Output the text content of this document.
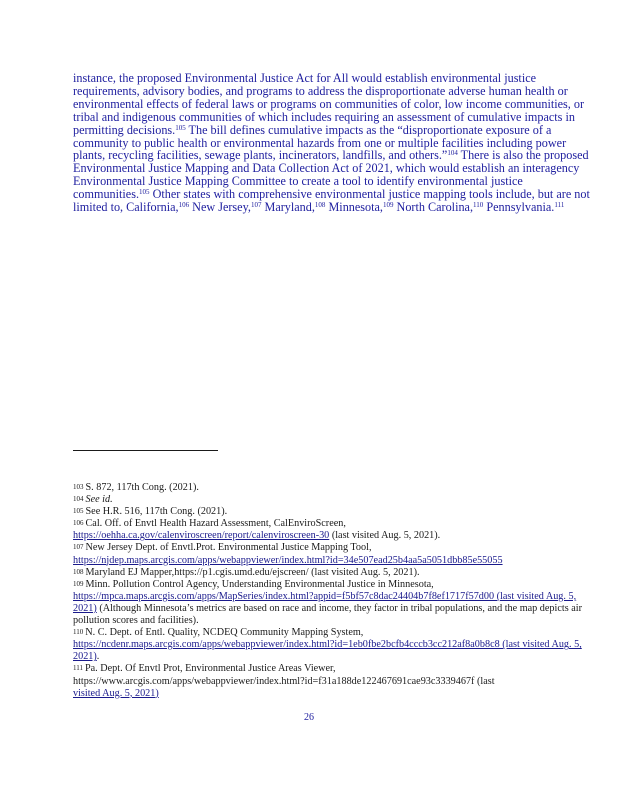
instance, the proposed Environmental Justice Act for All would establish environmental justice requirements, advisory bodies, and programs to address the disproportionate adverse human health or environmental effects of federal laws or programs on communities of color, low income communities, or tribal and indigenous communities of which includes requiring an assessment of cumulative impacts in permitting decisions.$^{105}$ The bill defines cumulative impacts as the “disproportionate exposure of a community to public health or environmental hazards from one or multiple facilities including power plants, recycling facilities, sewage plants, incinerators, landfills, and others.”$^{104}$ There is also the proposed Environmental Justice Mapping and Data Collection Act of 2021, which would establish an interagency Environmental Justice Mapping Committee to create a tool to identify environmental justice communities.$^{105}$ Other states with comprehensive environmental justice mapping tools include, but are not limited to, California,$^{106}$ New Jersey,$^{107}$ Maryland,$^{108}$ Minnesota,$^{109}$ North Carolina,$^{110}$ Pennsylvania.$^{111}$

$^{103}$ S. 872, 117th Cong. (2021).

$^{104}$ See id.

$^{105}$ See H.R. 516, 117th Cong. (2021).

$^{106}$ Cal. Off. of Envtl Health Hazard Assessment, CalEnviroScreen,
https://oehha.ca.gov/calenviroscreen/report/calenviroscreen-30 (last visited Aug. 5, 2021).

$^{107}$ New Jersey Dept. of Envtl.Prot. Environmental Justice Mapping Tool,
https://njdep.maps.arcgis.com/apps/webappviewer/index.html?id=34e507ead25b4aa5a5051dbb85e55055

$^{108}$ Maryland EJ Mapper,https://p1.cgis.umd.edu/ejscreen/ (last visited Aug. 5, 2021).

$^{109}$ Minn. Pollution Control Agency, Understanding Environmental Justice in Minnesota,
https://mpca.maps.arcgis.com/apps/MapSeries/index.html?appid=f5bf57c8dac24404b7f8ef1717f57d00 (last visited Aug. 5, 2021) (Although Minnesota’s metrics are based on race and income, they factor in tribal populations, and the map depicts air pollution scores and facilities).

$^{110}$ N. C. Dept. of Entl. Quality, NCDEQ Community Mapping System,
https://ncdenr.maps.arcgis.com/apps/webappviewer/index.html?id=1eb0fbe2bcfb4cccb3cc212af8a0b8c8 (last visited Aug. 5, 2021).

$^{111}$ Pa. Dept. Of Envtl Prot, Environmental Justice Areas Viewer,
https://www.arcgis.com/apps/webappviewer/index.html?id=f31a188de122467691cae93c3339467f (last
visited Aug. 5, 2021)

26
